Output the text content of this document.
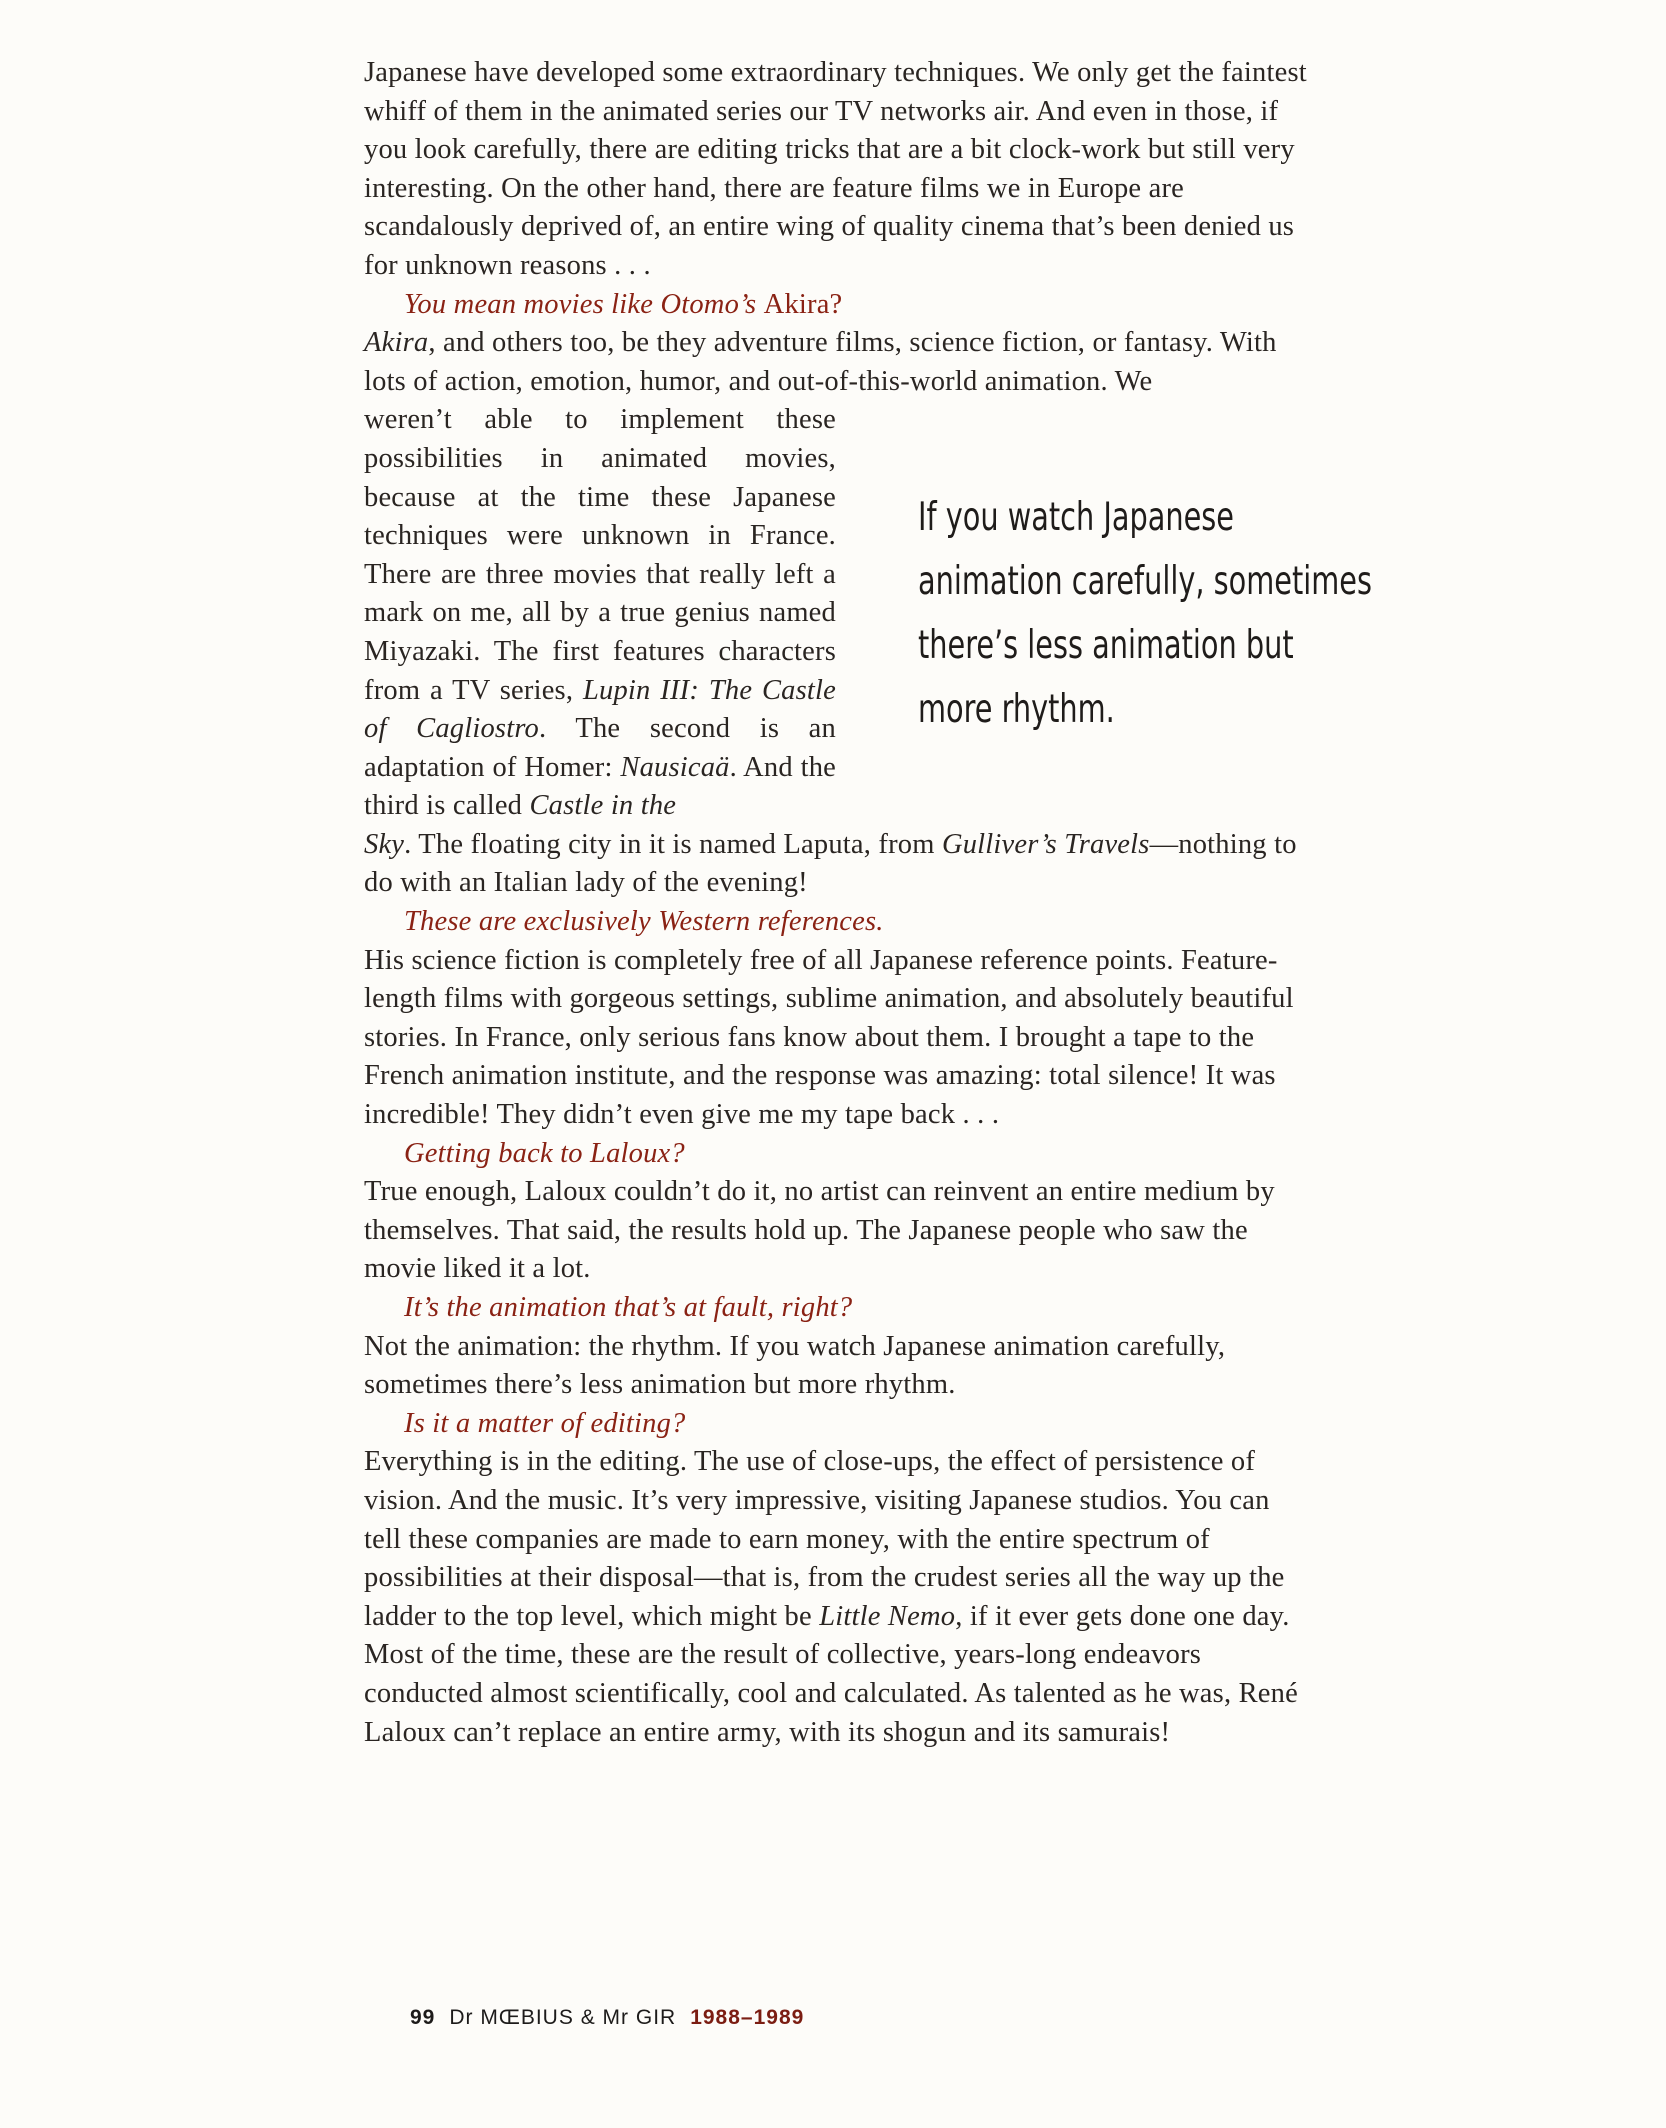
Japanese have developed some extraordinary techniques. We only get the faintest whiff of them in the animated series our TV networks air. And even in those, if you look carefully, there are editing tricks that are a bit clock-work but still very interesting. On the other hand, there are feature films we in Europe are scandalously deprived of, an entire wing of quality cinema that’s been denied us for unknown reasons . . .

You mean movies like Otomo’s Akira?

Akira, and others too, be they adventure films, science fiction, or fantasy. With lots of action, emotion, humor, and out-of-this-world animation. We

weren’t able to implement these possibilities in animated movies, because at the time these Japanese techniques were unknown in France. There are three movies that really left a mark on me, all by a true genius named Miyazaki. The first features characters from a TV series, Lupin III: The Castle of Cagliostro. The second is an adaptation of Homer: Nausicaä. And the third is called Castle in the

Sky. The floating city in it is named Laputa, from Gulliver’s Travels—nothing to do with an Italian lady of the evening!

These are exclusively Western references.

His science fiction is completely free of all Japanese reference points. Feature-length films with gorgeous settings, sublime animation, and absolutely beautiful stories. In France, only serious fans know about them. I brought a tape to the French animation institute, and the response was amazing: total silence! It was incredible! They didn’t even give me my tape back . . .

Getting back to Laloux?

True enough, Laloux couldn’t do it, no artist can reinvent an entire medium by themselves. That said, the results hold up. The Japanese people who saw the movie liked it a lot.

It’s the animation that’s at fault, right?

Not the animation: the rhythm. If you watch Japanese animation carefully, sometimes there’s less animation but more rhythm.

Is it a matter of editing?

Everything is in the editing. The use of close-ups, the effect of persistence of vision. And the music. It’s very impressive, visiting Japanese studios. You can tell these companies are made to earn money, with the entire spectrum of possibilities at their disposal—that is, from the crudest series all the way up the ladder to the top level, which might be Little Nemo, if it ever gets done one day. Most of the time, these are the result of collective, years-long endeavors conducted almost scientifically, cool and calculated. As talented as he was, René Laloux can’t replace an entire army, with its shogun and its samurais!

If you watch Japanese
animation carefully, sometimes
there’s less animation but
more rhythm.
99 Dr MŒBIUS & Mr GIR 1988–1989
